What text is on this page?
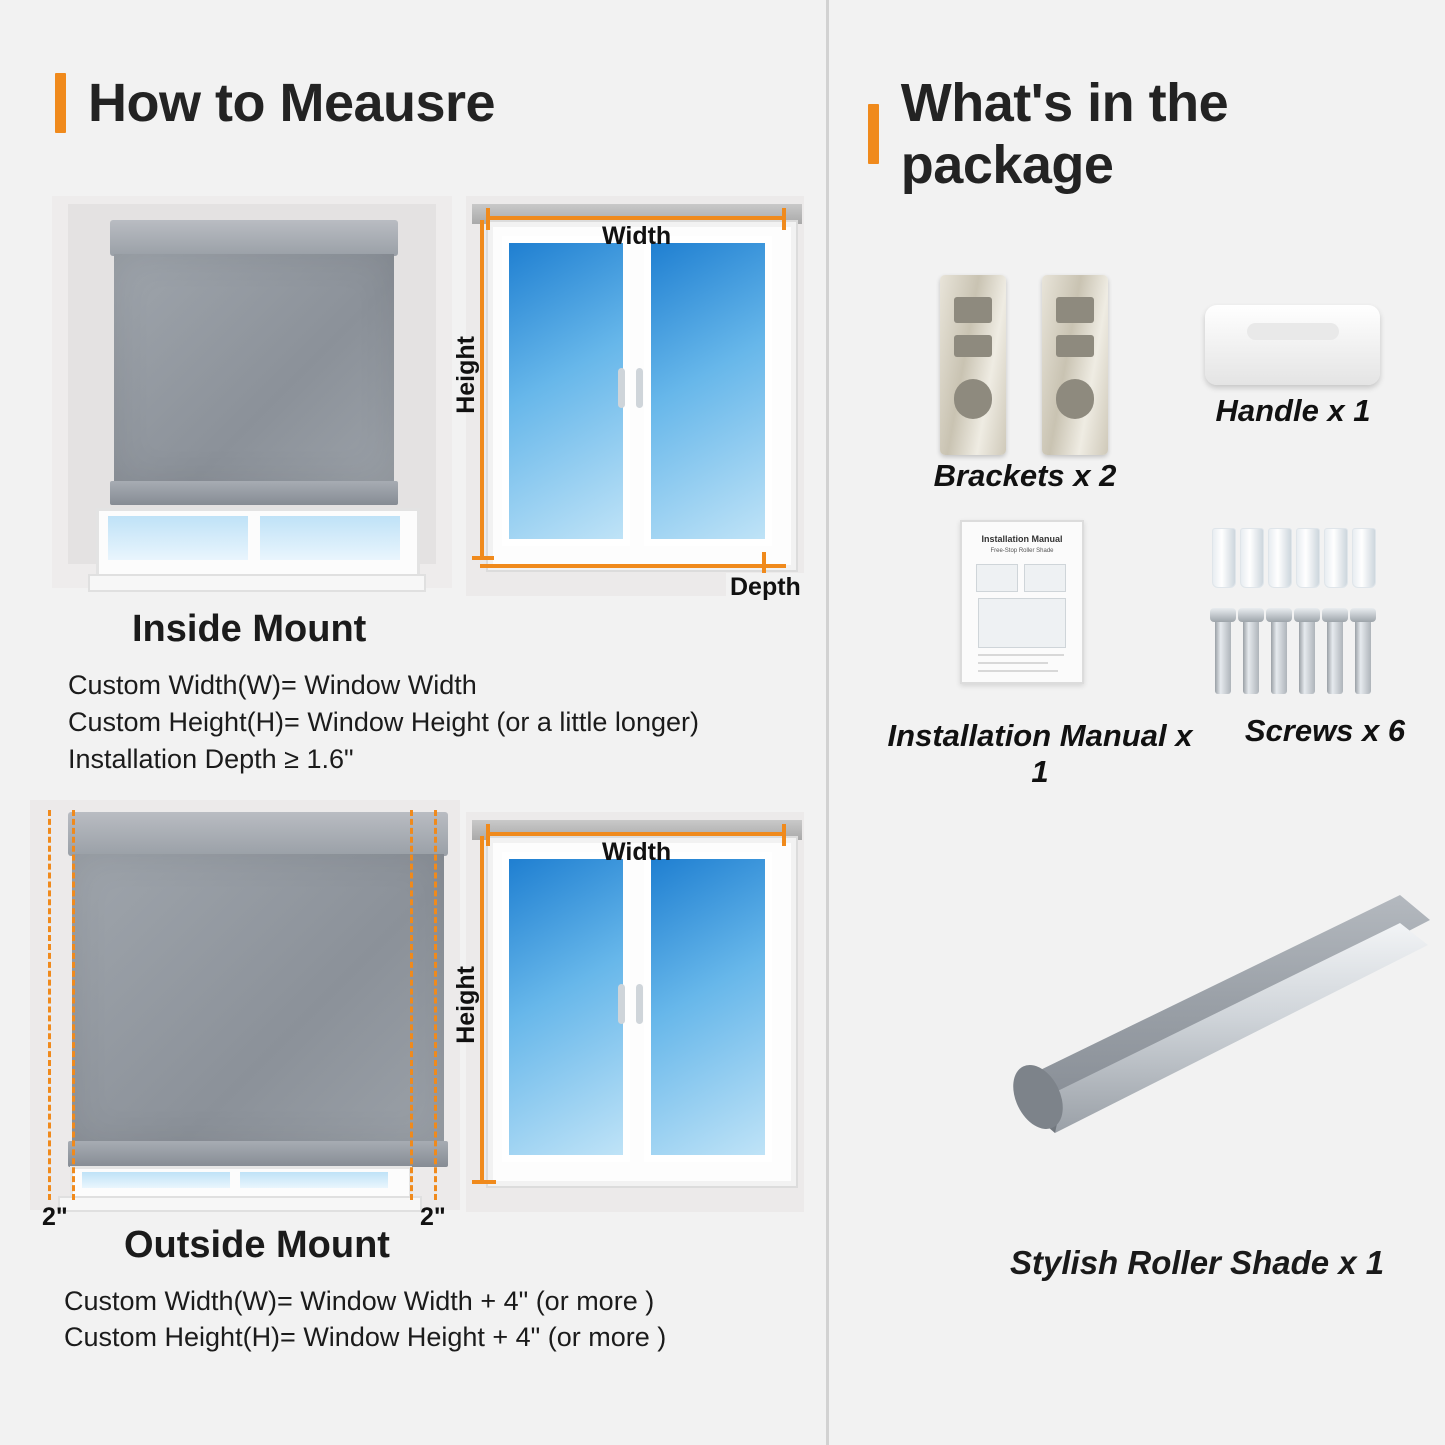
How to Meausre
Width
Height
Depth
Inside Mount
Custom Width(W)= Window Width
Custom Height(H)= Window Height (or a little longer)
Installation Depth ≥ 1.6"
2"	2"
Width
Height
Outside Mount
Custom Width(W)= Window Width + 4" (or more )
Custom Height(H)= Window Height + 4" (or more )
What's in the package
Brackets x 2
Handle x 1
Installation Manual
Free-Stop Roller Shade
Installation Manual x 1
Screws x 6
Stylish Roller Shade x 1
